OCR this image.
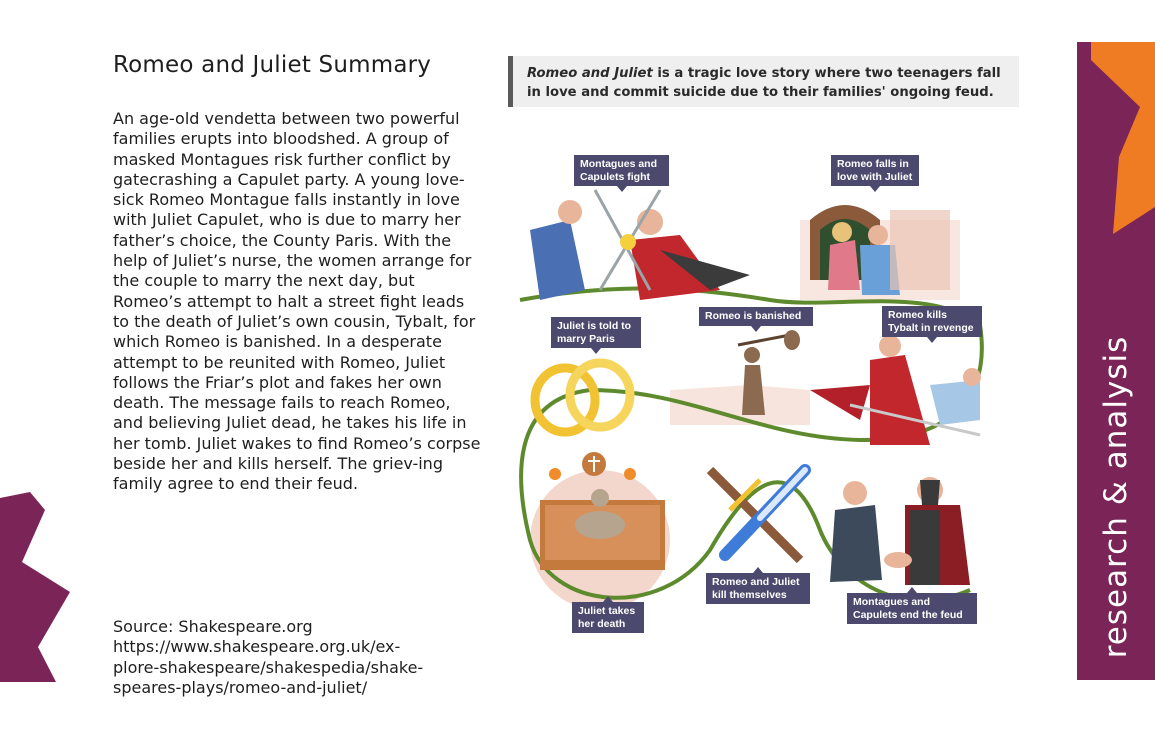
Romeo and Juliet Summary
An age-old vendetta between two powerful families erupts into bloodshed. A group of masked Montagues risk further conflict by gatecrashing a Capulet party. A young love-sick Romeo Montague falls instantly in love with Juliet Capulet, who is due to marry her father’s choice, the County Paris. With the help of Juliet’s nurse, the women arrange for the couple to marry the next day, but Romeo’s attempt to halt a street fight leads to the death of Juliet’s own cousin, Tybalt, for which Romeo is banished. In a desperate attempt to be reunited with Romeo, Juliet follows the Friar’s plot and fakes her own death. The message fails to reach Romeo, and believing Juliet dead, he takes his life in her tomb. Juliet wakes to find Romeo’s corpse beside her and kills herself. The griev-ing family agree to end their feud.
Source: Shakespeare.org
https://www.shakespeare.org.uk/ex-
plore-shakespeare/shakespedia/shake-
speares-plays/romeo-and-juliet/
Romeo and Juliet is a tragic love story where two teenagers fall in love and commit suicide due to their families' ongoing feud.
Montagues and Capulets fight
Romeo falls in love with Juliet
Juliet is told to marry Paris
Romeo is banished	Romeo kills Tybalt in revenge
Juliet takes her death
Romeo and Juliet kill themselves
Montagues and Capulets end the feud	research & analysis
